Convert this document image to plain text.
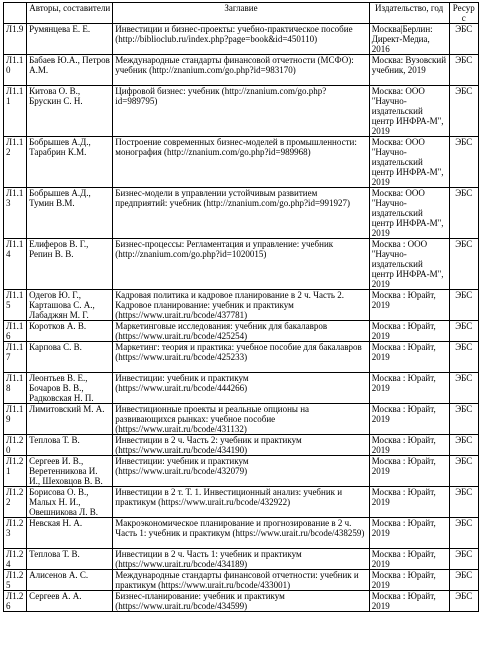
	Авторы, составители	Заглавие	Издательство, год	Ресурс
Л1.9	Румянцева Е. Е.	Инвестиции и бизнес-проекты: учебно-практическое пособие (http://biblioclub.ru/index.php?page=book&id=450110)	Москва|Берлин: Директ-Медиа, 2016	ЭБС
Л1.10	Бабаев Ю.А., Петров А.М.	Международные стандарты финансовой отчетности (МСФО): учебник (http://znanium.com/go.php?id=983170)	Москва: Вузовский учебник, 2019	ЭБС
Л1.11	Китова О. В., Брускин С. Н.	Цифровой бизнес: учебник (http://znanium.com/go.php?id=989795)	Москва: ООО "Научно-издательский центр ИНФРА-М", 2019	ЭБС
Л1.12	Бобрышев А.Д., Тарабрин К.М.	Построение современных бизнес-моделей в промышленности: монография (http://znanium.com/go.php?id=989968)	Москва: ООО "Научно-издательский центр ИНФРА-М", 2019	ЭБС
Л1.13	Бобрышев А.Д., Тумин В.М.	Бизнес-модели в управлении устойчивым развитием предприятий: учебник (http://znanium.com/go.php?id=991927)	Москва: ООО "Научно-издательский центр ИНФРА-М", 2019	ЭБС
Л1.14	Елиферов В. Г., Репин В. В.	Бизнес-процессы: Регламентация и управление: учебник (http://znanium.com/go.php?id=1020015)	Москва : ООО "Научно-издательский центр ИНФРА-М", 2019	ЭБС
Л1.15	Одегов Ю. Г., Карташова С. А., Лабаджян М. Г.	Кадровая политика и кадровое планирование в 2 ч. Часть 2. Кадровое планирование: учебник и практикум (https://www.urait.ru/bcode/437781)	Москва : Юрайт, 2019	ЭБС
Л1.16	Коротков А. В.	Маркетинговые исследования: учебник для бакалавров (https://www.urait.ru/bcode/425254)	Москва : Юрайт, 2019	ЭБС
Л1.17	Карпова С. В.	Маркетинг: теория и практика: учебное пособие для бакалавров (https://www.urait.ru/bcode/425233)	Москва : Юрайт, 2019	ЭБС
Л1.18	Леонтьев В. Е., Бочаров В. В., Радковская Н. П.	Инвестиции: учебник и практикум (https://www.urait.ru/bcode/444266)	Москва : Юрайт, 2019	ЭБС
Л1.19	Лимитовский М. А.	Инвестиционные проекты и реальные опционы на развивающихся рынках: учебное пособие (https://www.urait.ru/bcode/431132)	Москва : Юрайт, 2019	ЭБС
Л1.20	Теплова Т. В.	Инвестиции в 2 ч. Часть 2: учебник и практикум (https://www.urait.ru/bcode/434190)	Москва : Юрайт, 2019	ЭБС
Л1.21	Сергеев И. В., Веретенникова И. И., Шеховцов В. В.	Инвестиции: учебник и практикум (https://www.urait.ru/bcode/432079)	Москва : Юрайт, 2019	ЭБС
Л1.22	Борисова О. В., Малых Н. И., Овешникова Л. В.	Инвестиции в 2 т. Т. 1. Инвестиционный анализ: учебник и практикум (https://www.urait.ru/bcode/432922)	Москва : Юрайт, 2019	ЭБС
Л1.23	Невская Н. А.	Макроэкономическое планирование и прогнозирование в 2 ч. Часть 1: учебник и практикум (https://www.urait.ru/bcode/438259)	Москва : Юрайт, 2019	ЭБС
Л1.24	Теплова Т. В.	Инвестиции в 2 ч. Часть 1: учебник и практикум (https://www.urait.ru/bcode/434189)	Москва : Юрайт, 2019	ЭБС
Л1.25	Алисенов А. С.	Международные стандарты финансовой отчетности: учебник и практикум (https://www.urait.ru/bcode/433001)	Москва : Юрайт, 2019	ЭБС
Л1.26	Сергеев А. А.	Бизнес-планирование: учебник и практикум (https://www.urait.ru/bcode/434599)	Москва : Юрайт, 2019	ЭБС
